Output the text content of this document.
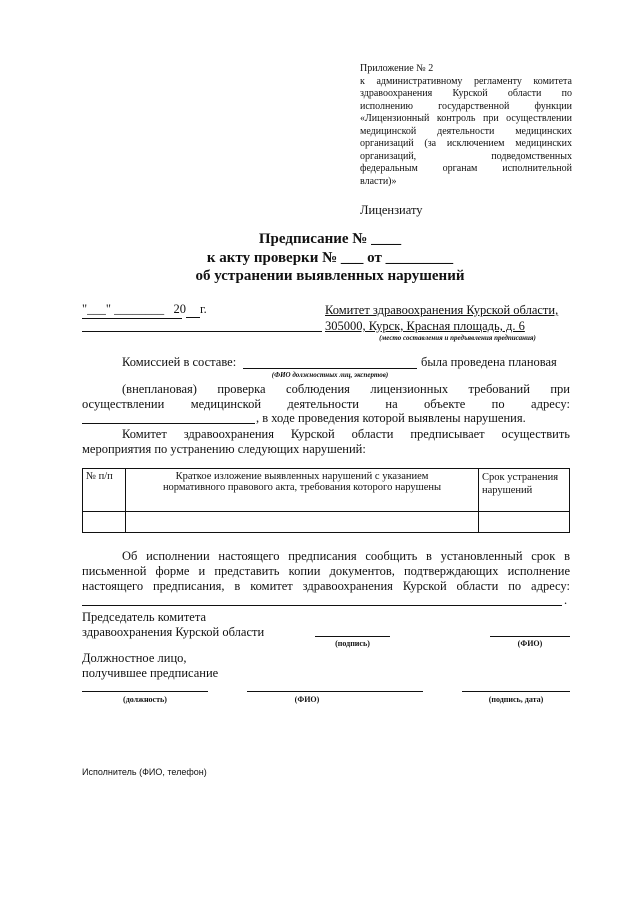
Приложение № 2
к административному регламенту комитета
здравоохранения Курской области по
исполнению государственной функции
«Лицензионный контроль при осуществлении
медицинской деятельности медицинских
организаций (за исключением медицинских
организаций, подведомственных
федеральным органам исполнительной
власти)»
Лицензиату
Предписание № ____
к акту проверки № ___ от _________
об устранении выявленных нарушений
"___" ________ 20 г.	Комитет здравоохранения Курской области,
305000, Курск, Красная площадь, д. 6
(место составления и предъявления предписания)
Комиссией в составе:	была проведена плановая
(ФИО должностных лиц, экспертов)
(внеплановая) проверка соблюдения лицензионных требований при
осуществлении медицинской деятельности на объекте по адресу:
, в ходе проведения которой выявлены нарушения.
Комитет здравоохранения Курской области предписывает осуществить
мероприятия по устранению следующих нарушений:
№ п/п	Краткое изложение выявленных нарушений с указанием нормативного правового акта, требования которого нарушены	Срок устранения нарушений

Об исполнении настоящего предписания сообщить в установленный срок в
письменной форме и представить копии документов, подтверждающих исполнение
настоящего предписания, в комитет здравоохранения Курской области по адресу:
.
Председатель комитета
здравоохранения Курской области
(подпись)	(ФИО)
Должностное лицо,
получившее предписание
(должность)	(ФИО)	(подпись, дата)
Исполнитель (ФИО, телефон)
